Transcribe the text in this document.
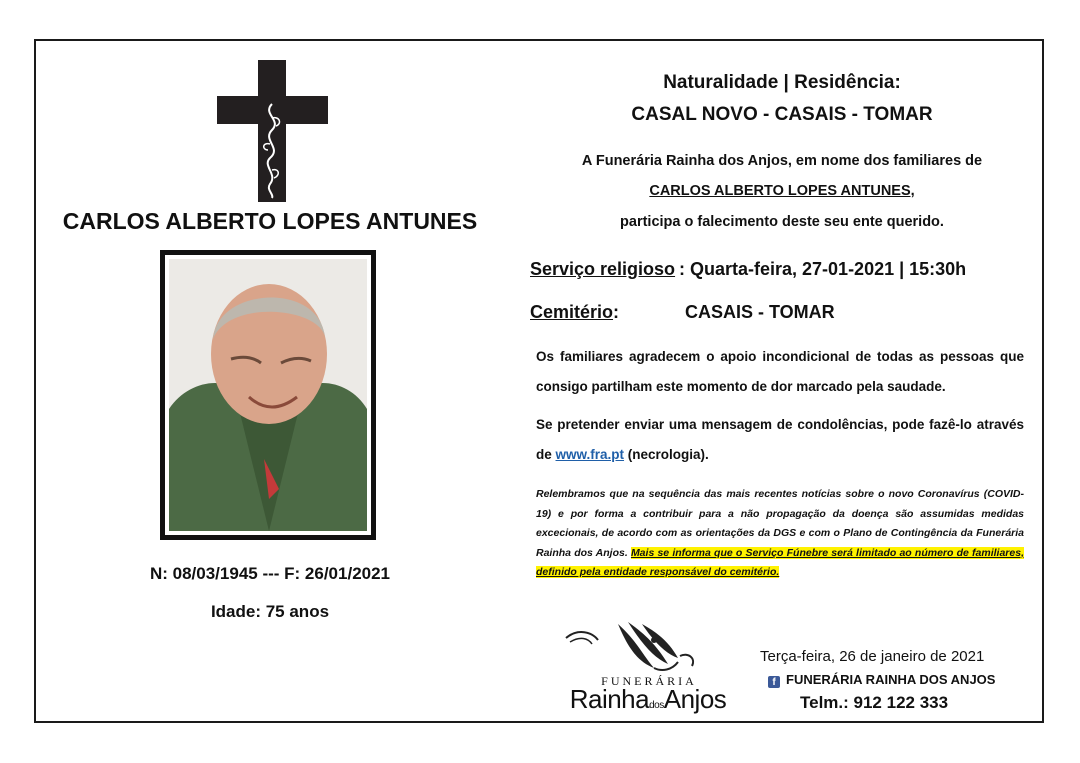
CARLOS ALBERTO LOPES ANTUNES
N: 08/03/1945 --- F: 26/01/2021
Idade: 75 anos
Naturalidade | Residência:
CASAL NOVO - CASAIS - TOMAR
A Funerária Rainha dos Anjos, em nome dos familiares de
CARLOS ALBERTO LOPES ANTUNES,
participa o falecimento deste seu ente querido.
Serviço religioso : Quarta-feira, 27-01-2021 | 15:30h
Cemitério:	CASAIS - TOMAR
Os familiares agradecem o apoio incondicional de todas as pessoas que consigo partilham este momento de dor marcado pela saudade.
Se pretender enviar uma mensagem de condolências, pode fazê-lo através de www.fra.pt (necrologia).
Relembramos que na sequência das mais recentes notícias sobre o novo Coronavírus (COVID-19) e por forma a contribuir para a não propagação da doença são assumidas medidas excecionais, de acordo com as orientações da DGS e com o Plano de Contingência da Funerária Rainha dos Anjos. Mais se informa que o Serviço Fúnebre será limitado ao número de familiares, definido pela entidade responsável do cemitério.
FUNERÁRIA
RainhadosAnjos
Terça-feira, 26 de janeiro de 2021
f FUNERÁRIA RAINHA DOS ANJOS
Telm.: 912 122 333
